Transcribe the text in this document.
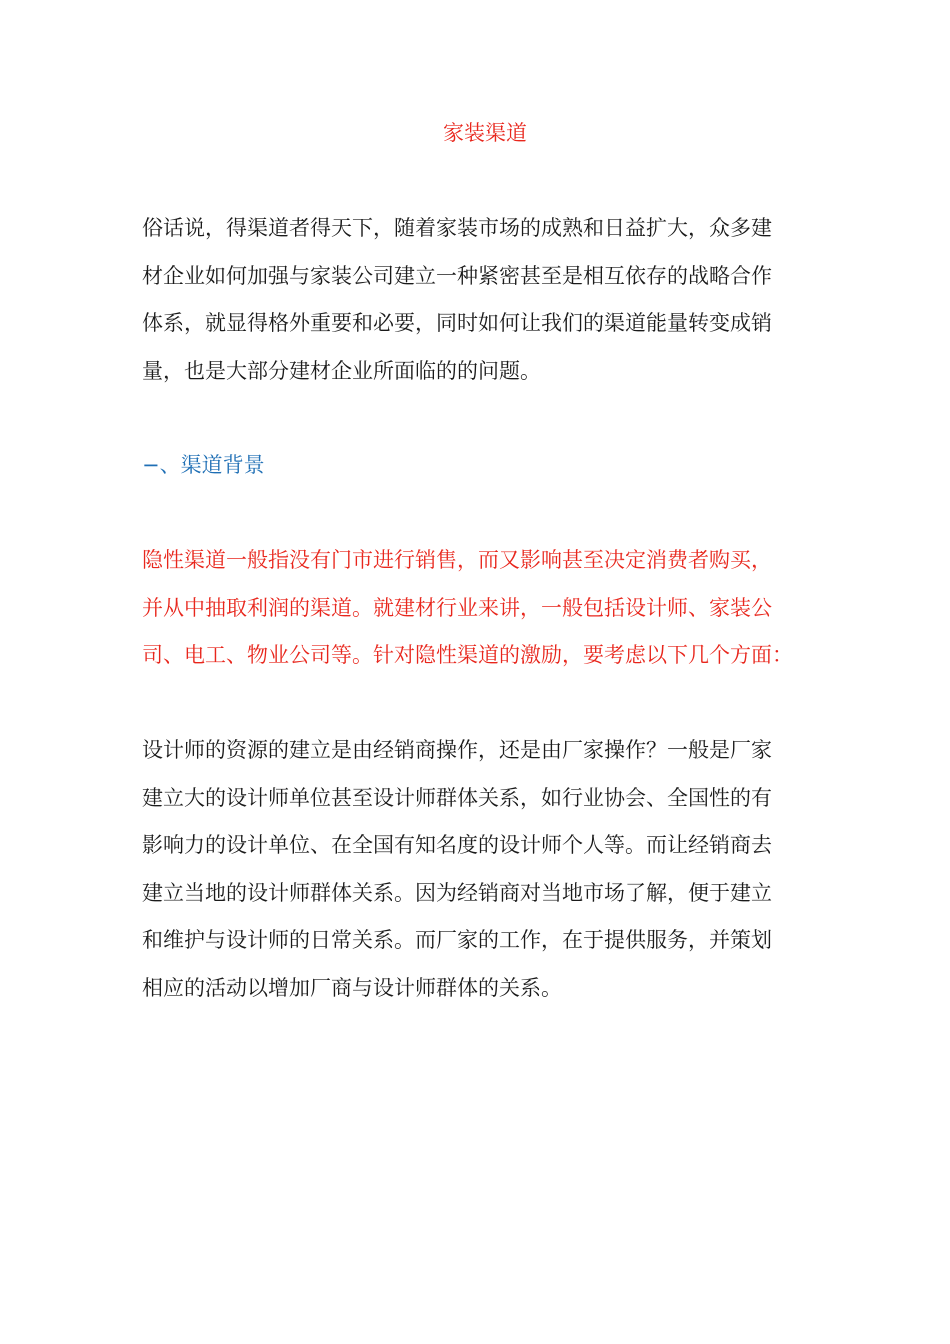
家装渠道

俗话说，得渠道者得天下，随着家装市场的成熟和日益扩大，众多建
材企业如何加强与家装公司建立一种紧密甚至是相互依存的战略合作
体系，就显得格外重要和必要，同时如何让我们的渠道能量转变成销
量，也是大部分建材企业所面临的的问题。

−、渠道背景

隐性渠道一般指没有门市进行销售，而又影响甚至决定消费者购买，
并从中抽取利润的渠道。就建材行业来讲，一般包括设计师、家装公
司、电工、物业公司等。针对隐性渠道的激励，要考虑以下几个方面：

设计师的资源的建立是由经销商操作，还是由厂家操作？一般是厂家
建立大的设计师单位甚至设计师群体关系，如行业协会、全国性的有
影响力的设计单位、在全国有知名度的设计师个人等。而让经销商去
建立当地的设计师群体关系。因为经销商对当地市场了解，便于建立
和维护与设计师的日常关系。而厂家的工作，在于提供服务，并策划
相应的活动以增加厂商与设计师群体的关系。
